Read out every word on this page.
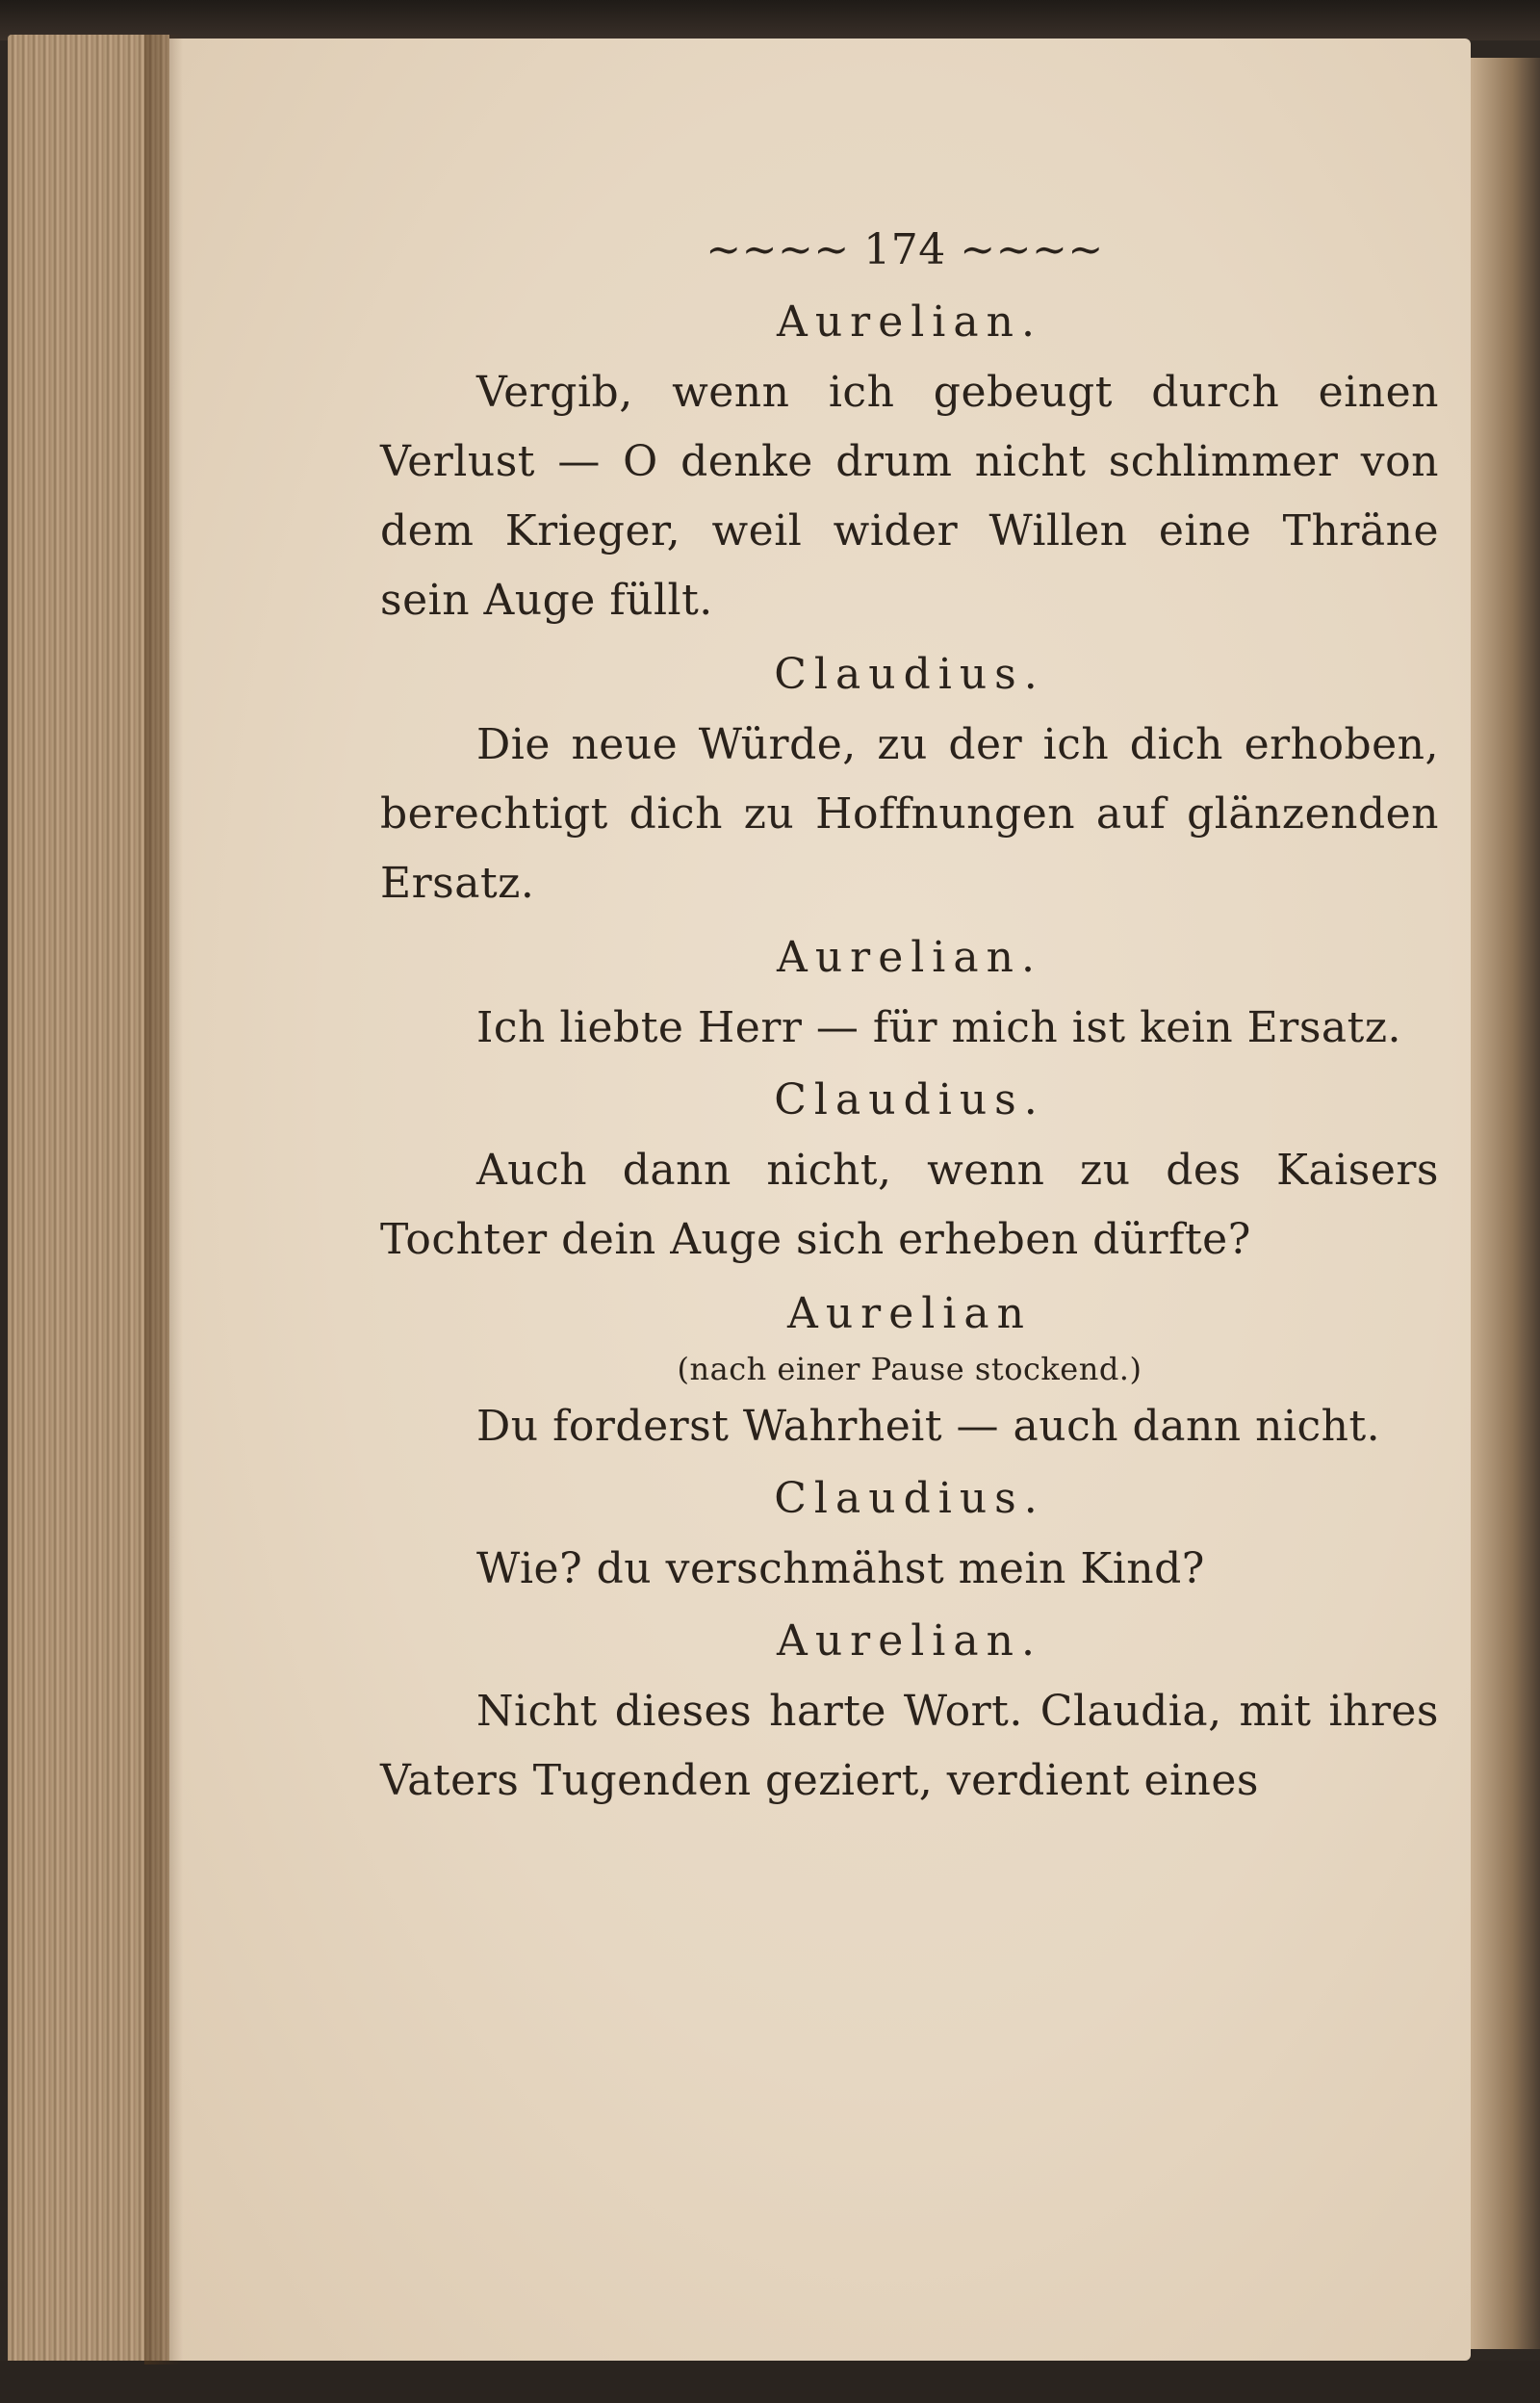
~~~~ 174 ~~~~
Aurelian.
Vergib, wenn ich gebeugt durch einen Verlust — O denke drum nicht schlimmer von dem Krieger, weil wider Willen eine Thräne sein Auge füllt.
Claudius.
Die neue Würde, zu der ich dich erhoben, berechtigt dich zu Hoffnungen auf glänzenden Ersatz.
Aurelian.
Ich liebte Herr — für mich ist kein Ersatz.
Claudius.
Auch dann nicht, wenn zu des Kaisers Tochter dein Auge sich erheben dürfte?
Aurelian
(nach einer Pause stockend.)
Du forderst Wahrheit — auch dann nicht.
Claudius.
Wie? du verschmähst mein Kind?
Aurelian.
Nicht dieses harte Wort. Claudia, mit ihres Vaters Tugenden geziert, verdient eines
